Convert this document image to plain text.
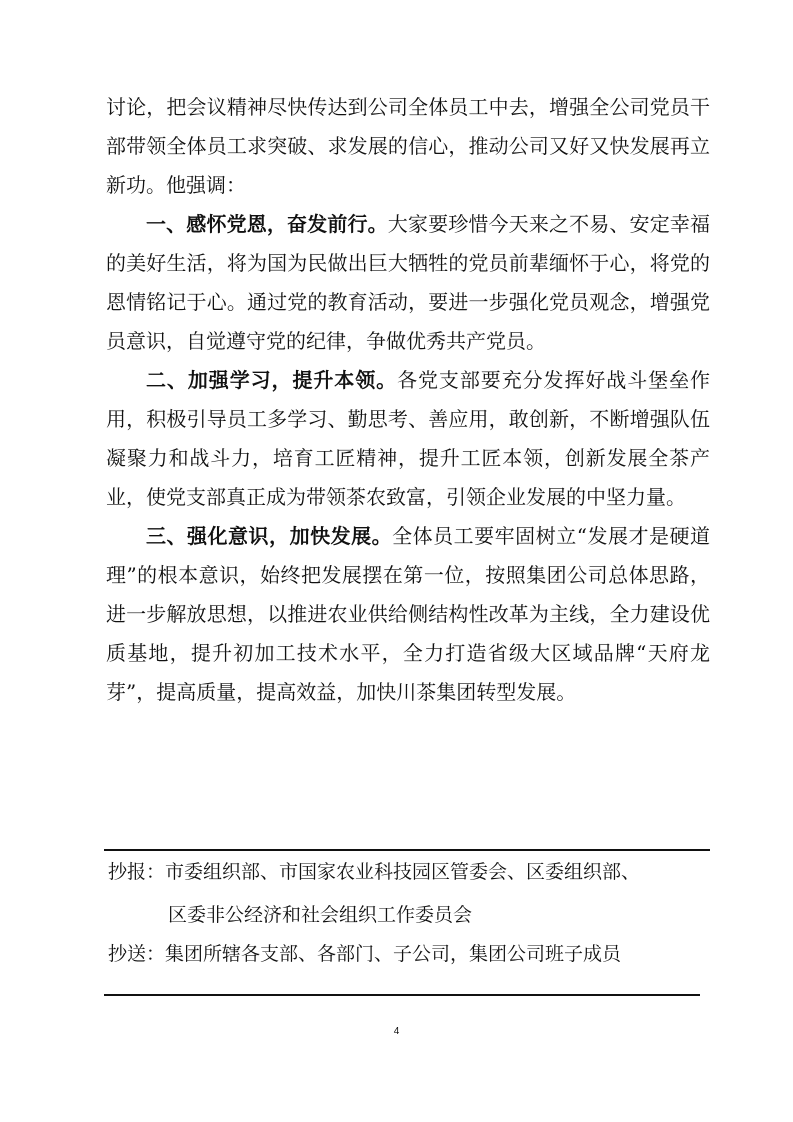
讨论，把会议精神尽快传达到公司全体员工中去，增强全公司党员干部带领全体员工求突破、求发展的信心，推动公司又好又快发展再立新功。他强调：

一、感怀党恩，奋发前行。大家要珍惜今天来之不易、安定幸福的美好生活，将为国为民做出巨大牺牲的党员前辈缅怀于心，将党的恩情铭记于心。通过党的教育活动，要进一步强化党员观念，增强党员意识，自觉遵守党的纪律，争做优秀共产党员。

二、加强学习，提升本领。各党支部要充分发挥好战斗堡垒作用，积极引导员工多学习、勤思考、善应用，敢创新，不断增强队伍凝聚力和战斗力，培育工匠精神，提升工匠本领，创新发展全茶产业，使党支部真正成为带领茶农致富，引领企业发展的中坚力量。

三、强化意识，加快发展。全体员工要牢固树立“发展才是硬道理”的根本意识，始终把发展摆在第一位，按照集团公司总体思路，进一步解放思想，以推进农业供给侧结构性改革为主线，全力建设优质基地，提升初加工技术水平，全力打造省级大区域品牌“天府龙芽”，提高质量，提高效益，加快川茶集团转型发展。

抄报：市委组织部、市国家农业科技园区管委会、区委组织部、
区委非公经济和社会组织工作委员会
抄送：集团所辖各支部、各部门、子公司，集团公司班子成员
4
